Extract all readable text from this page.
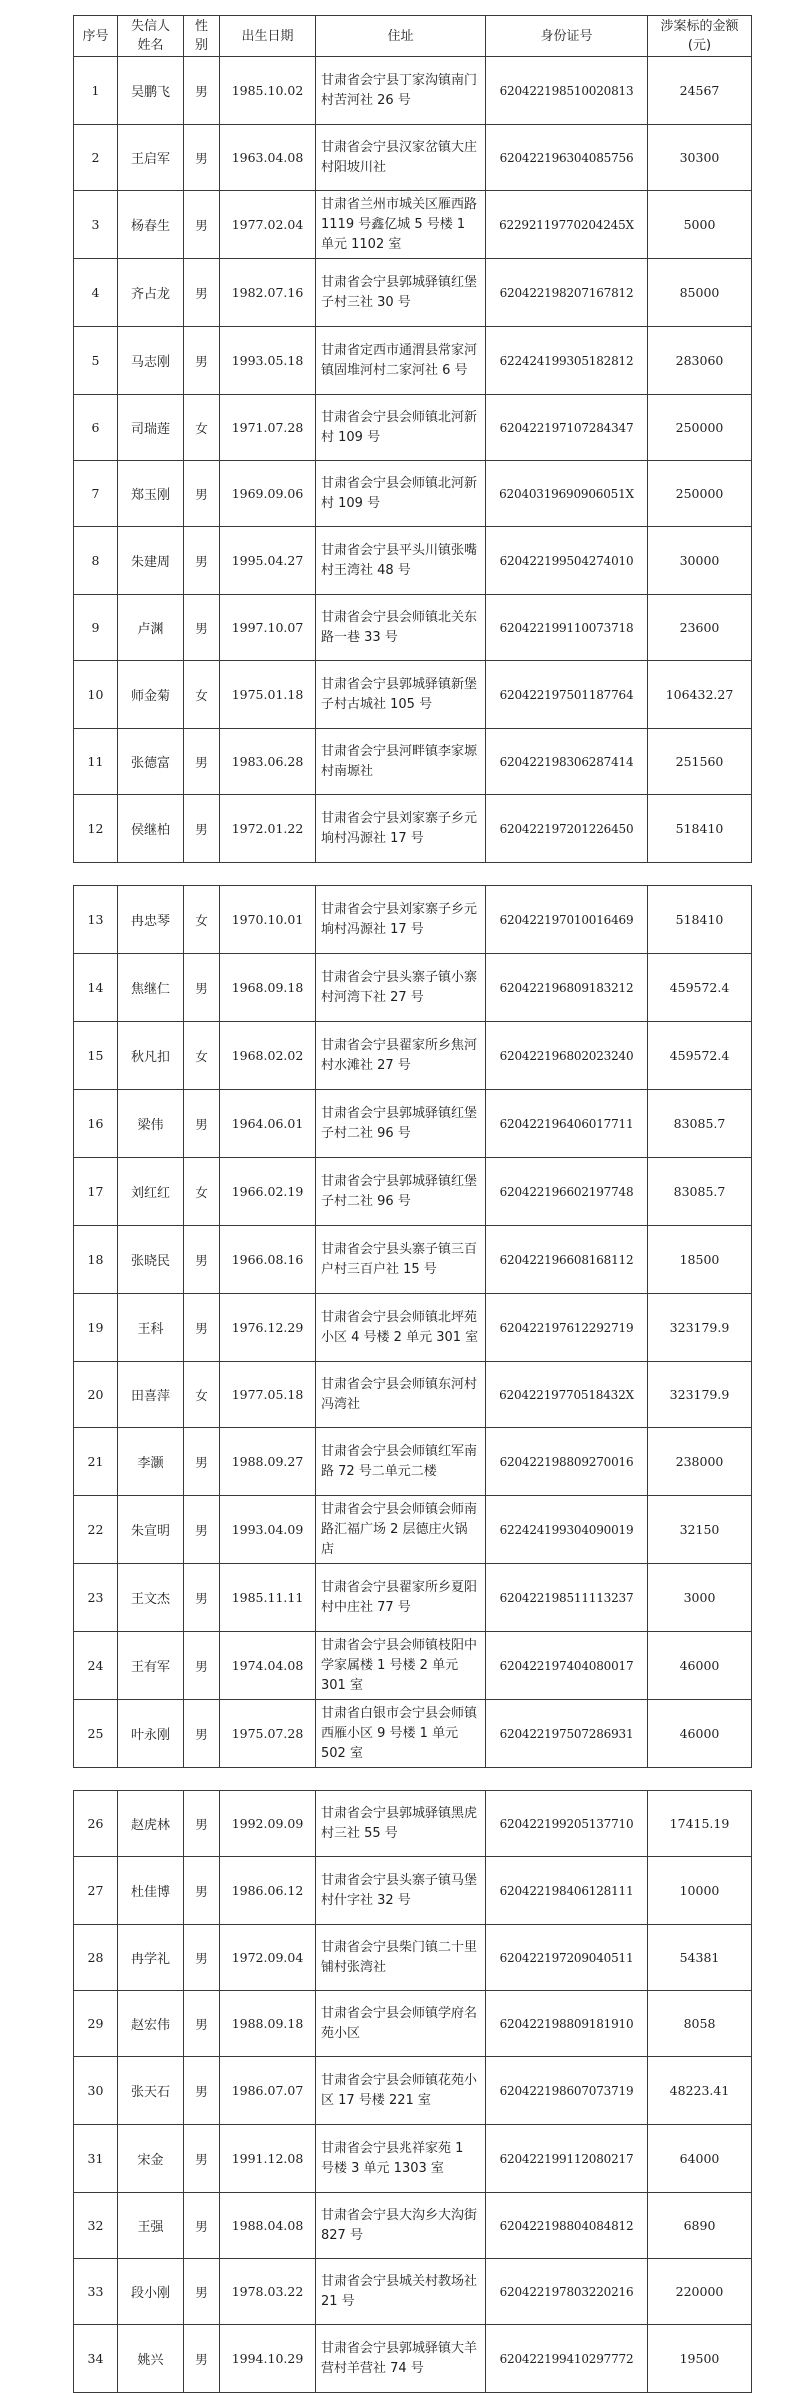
序号	失信人姓名	性别	出生日期	住址	身份证号	涉案标的金额(元)
1	吴鹏飞	男	1985.10.02	甘肃省会宁县丁家沟镇南门村苦河社 26 号	620422198510020813	24567
2	王启军	男	1963.04.08	甘肃省会宁县汉家岔镇大庄村阳坡川社	620422196304085756	30300
3	杨春生	男	1977.02.04	甘肃省兰州市城关区雁西路 1119 号鑫亿城 5 号楼 1 单元 1102 室	62292119770204245X	5000
4	齐占龙	男	1982.07.16	甘肃省会宁县郭城驿镇红堡子村三社 30 号	620422198207167812	85000
5	马志刚	男	1993.05.18	甘肃省定西市通渭县常家河镇固堆河村二家河社 6 号	622424199305182812	283060
6	司瑞莲	女	1971.07.28	甘肃省会宁县会师镇北河新村 109 号	620422197107284347	250000
7	郑玉刚	男	1969.09.06	甘肃省会宁县会师镇北河新村 109 号	62040319690906051X	250000
8	朱建周	男	1995.04.27	甘肃省会宁县平头川镇张嘴村王湾社 48 号	620422199504274010	30000
9	卢渊	男	1997.10.07	甘肃省会宁县会师镇北关东路一巷 33 号	620422199110073718	23600
10	师金菊	女	1975.01.18	甘肃省会宁县郭城驿镇新堡子村古城社 105 号	620422197501187764	106432.27
11	张德富	男	1983.06.28	甘肃省会宁县河畔镇李家塬村南塬社	620422198306287414	251560
12	侯继柏	男	1972.01.22	甘肃省会宁县刘家寨子乡元垧村冯源社 17 号	620422197201226450	518410
13	冉忠琴	女	1970.10.01	甘肃省会宁县刘家寨子乡元垧村冯源社 17 号	620422197010016469	518410
14	焦继仁	男	1968.09.18	甘肃省会宁县头寨子镇小寨村河湾下社 27 号	620422196809183212	459572.4
15	秋凡扣	女	1968.02.02	甘肃省会宁县翟家所乡焦河村水滩社 27 号	620422196802023240	459572.4
16	梁伟	男	1964.06.01	甘肃省会宁县郭城驿镇红堡子村二社 96 号	620422196406017711	83085.7
17	刘红红	女	1966.02.19	甘肃省会宁县郭城驿镇红堡子村二社 96 号	620422196602197748	83085.7
18	张晓民	男	1966.08.16	甘肃省会宁县头寨子镇三百户村三百户社 15 号	620422196608168112	18500
19	王科	男	1976.12.29	甘肃省会宁县会师镇北坪苑小区 4 号楼 2 单元 301 室	620422197612292719	323179.9
20	田喜萍	女	1977.05.18	甘肃省会宁县会师镇东河村冯湾社	62042219770518432X	323179.9
21	李灏	男	1988.09.27	甘肃省会宁县会师镇红军南路 72 号二单元二楼	620422198809270016	238000
22	朱宣明	男	1993.04.09	甘肃省会宁县会师镇会师南路汇福广场 2 层德庄火锅店	622424199304090019	32150
23	王文杰	男	1985.11.11	甘肃省会宁县翟家所乡夏阳村中庄社 77 号	620422198511113237	3000
24	王有军	男	1974.04.08	甘肃省会宁县会师镇枝阳中学家属楼 1 号楼 2 单元 301 室	620422197404080017	46000
25	叶永刚	男	1975.07.28	甘肃省白银市会宁县会师镇西雁小区 9 号楼 1 单元 502 室	620422197507286931	46000
26	赵虎林	男	1992.09.09	甘肃省会宁县郭城驿镇黑虎村三社 55 号	620422199205137710	17415.19
27	杜佳博	男	1986.06.12	甘肃省会宁县头寨子镇马堡村什字社 32 号	620422198406128111	10000
28	冉学礼	男	1972.09.04	甘肃省会宁县柴门镇二十里铺村张湾社	620422197209040511	54381
29	赵宏伟	男	1988.09.18	甘肃省会宁县会师镇学府名苑小区	620422198809181910	8058
30	张天石	男	1986.07.07	甘肃省会宁县会师镇花苑小区 17 号楼 221 室	620422198607073719	48223.41
31	宋金	男	1991.12.08	甘肃省会宁县兆祥家苑 1 号楼 3 单元 1303 室	620422199112080217	64000
32	王强	男	1988.04.08	甘肃省会宁县大沟乡大沟街 827 号	620422198804084812	6890
33	段小刚	男	1978.03.22	甘肃省会宁县城关村教场社 21 号	620422197803220216	220000
34	姚兴	男	1994.10.29	甘肃省会宁县郭城驿镇大羊营村羊营社 74 号	620422199410297772	19500
